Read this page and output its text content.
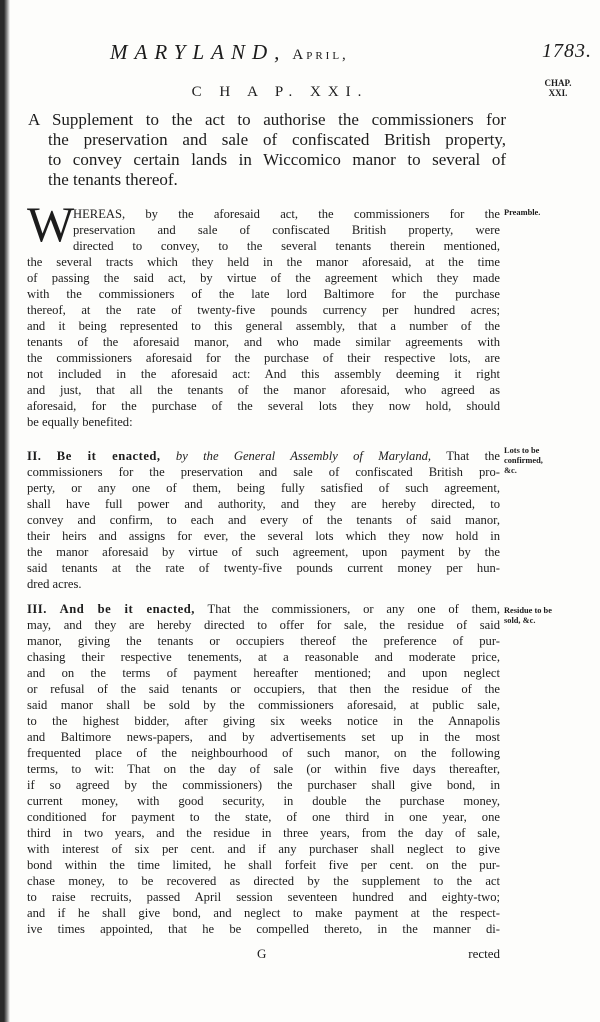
MARYLAND, April,	1783.
CHAP.
XXI.
C H A P. XXI.
A Supplement to the act to authorise the commissioners for
the preservation and sale of confiscated British property,
to convey certain lands in Wiccomico manor to several of
the tenants thereof.
W
HEREAS, by the aforesaid act, the commissioners for the
preservation and sale of confiscated British property, were
directed to convey, to the several tenants therein mentioned,
the several tracts which they held in the manor aforesaid, at the time
of passing the said act, by virtue of the agreement which they made
with the commissioners of the late lord Baltimore for the purchase
thereof, at the rate of twenty-five pounds currency per hundred acres;
and it being represented to this general assembly, that a number of the
tenants of the aforesaid manor, and who made similar agreements with
the commissioners aforesaid for the purchase of their respective lots, are
not included in the aforesaid act: And this assembly deeming it right
and just, that all the tenants of the manor aforesaid, who agreed as
aforesaid, for the purchase of the several lots they now hold, should
be equally benefited:
II. Be it enacted, by the General Assembly of Maryland, That the
commissioners for the preservation and sale of confiscated British pro-
perty, or any one of them, being fully satisfied of such agreement,
shall have full power and authority, and they are hereby directed, to
convey and confirm, to each and every of the tenants of said manor,
their heirs and assigns for ever, the several lots which they now hold in
the manor aforesaid by virtue of such agreement, upon payment by the
said tenants at the rate of twenty-five pounds current money per hun-
dred acres.
III. And be it enacted, That the commissioners, or any one of them,
may, and they are hereby directed to offer for sale, the residue of said
manor, giving the tenants or occupiers thereof the preference of pur-
chasing their respective tenements, at a reasonable and moderate price,
and on the terms of payment hereafter mentioned; and upon neglect
or refusal of the said tenants or occupiers, that then the residue of the
said manor shall be sold by the commissioners aforesaid, at public sale,
to the highest bidder, after giving six weeks notice in the Annapolis
and Baltimore news-papers, and by advertisements set up in the most
frequented place of the neighbourhood of such manor, on the following
terms, to wit: That on the day of sale (or within five days thereafter,
if so agreed by the commissioners) the purchaser shall give bond, in
current money, with good security, in double the purchase money,
conditioned for payment to the state, of one third in one year, one
third in two years, and the residue in three years, from the day of sale,
with interest of six per cent. and if any purchaser shall neglect to give
bond within the time limited, he shall forfeit five per cent. on the pur-
chase money, to be recovered as directed by the supplement to the act
to raise recruits, passed April session seventeen hundred and eighty-two;
and if he shall give bond, and neglect to make payment at the respect-
ive times appointed, that he be compelled thereto, in the manner di-
Preamble.
Lots to be
confirmed,
&c.
Residue to be
sold, &c.
G	rected
